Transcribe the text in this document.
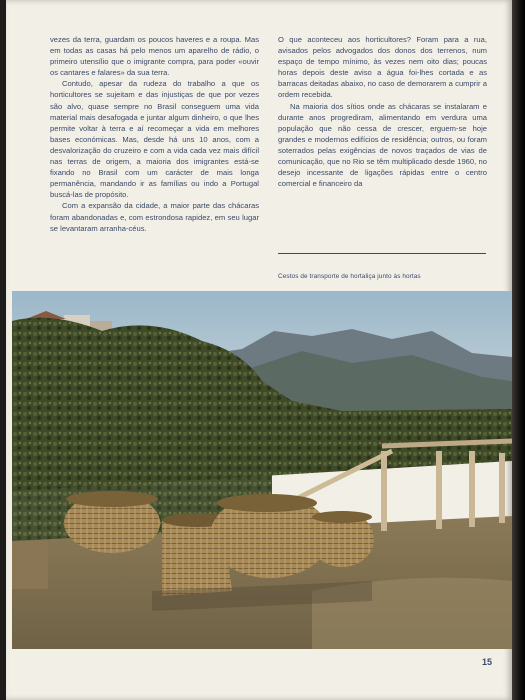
vezes da terra, guardam os poucos haveres e a roupa. Mas em todas as casas há pelo menos um aparelho de rádio, o primeiro utensílio que o imigrante compra, para poder «ouvir os cantares e falares» da sua terra.

Contudo, apesar da rudeza do trabalho a que os horticultores se sujeitam e das injustiças de que por vezes são alvo, quase sempre no Brasil conseguem uma vida material mais desafogada e juntar algum dinheiro, o que lhes permite voltar à terra e aí recomeçar a vida em melhores bases económicas. Mas, desde há uns 10 anos, com a desvalorização do cruzeiro e com a vida cada vez mais difícil nas terras de origem, a maioria dos imigrantes está-se fixando no Brasil com um carácter de mais longa permanência, mandando ir as famílias ou indo a Portugal buscá-las de propósito.

Com a expansão da cidade, a maior parte das chácaras foram abandonadas e, com estrondosa rapidez, em seu lugar se levantaram arranha-céus.

O que aconteceu aos horticultores? Foram para a rua, avisados pelos advogados dos donos dos terrenos, num espaço de tempo mínimo, às vezes nem oito dias; poucas horas depois deste aviso a água foi-lhes cortada e as barracas deitadas abaixo, no caso de demorarem a cumprir a ordem recebida.

Na maioria dos sítios onde as chácaras se instalaram e durante anos progrediram, alimentando em verdura uma população que não cessa de crescer, erguem-se hoje grandes e modernos edifícios de residência; outros, ou foram soterrados pelas exigências de novos traçados de vias de comunicação, que no Rio se têm multiplicado desde 1960, no desejo incessante de ligações rápidas entre o centro comercial e financeiro da

Cestos de transporte de hortaliça junto às hortas
15
